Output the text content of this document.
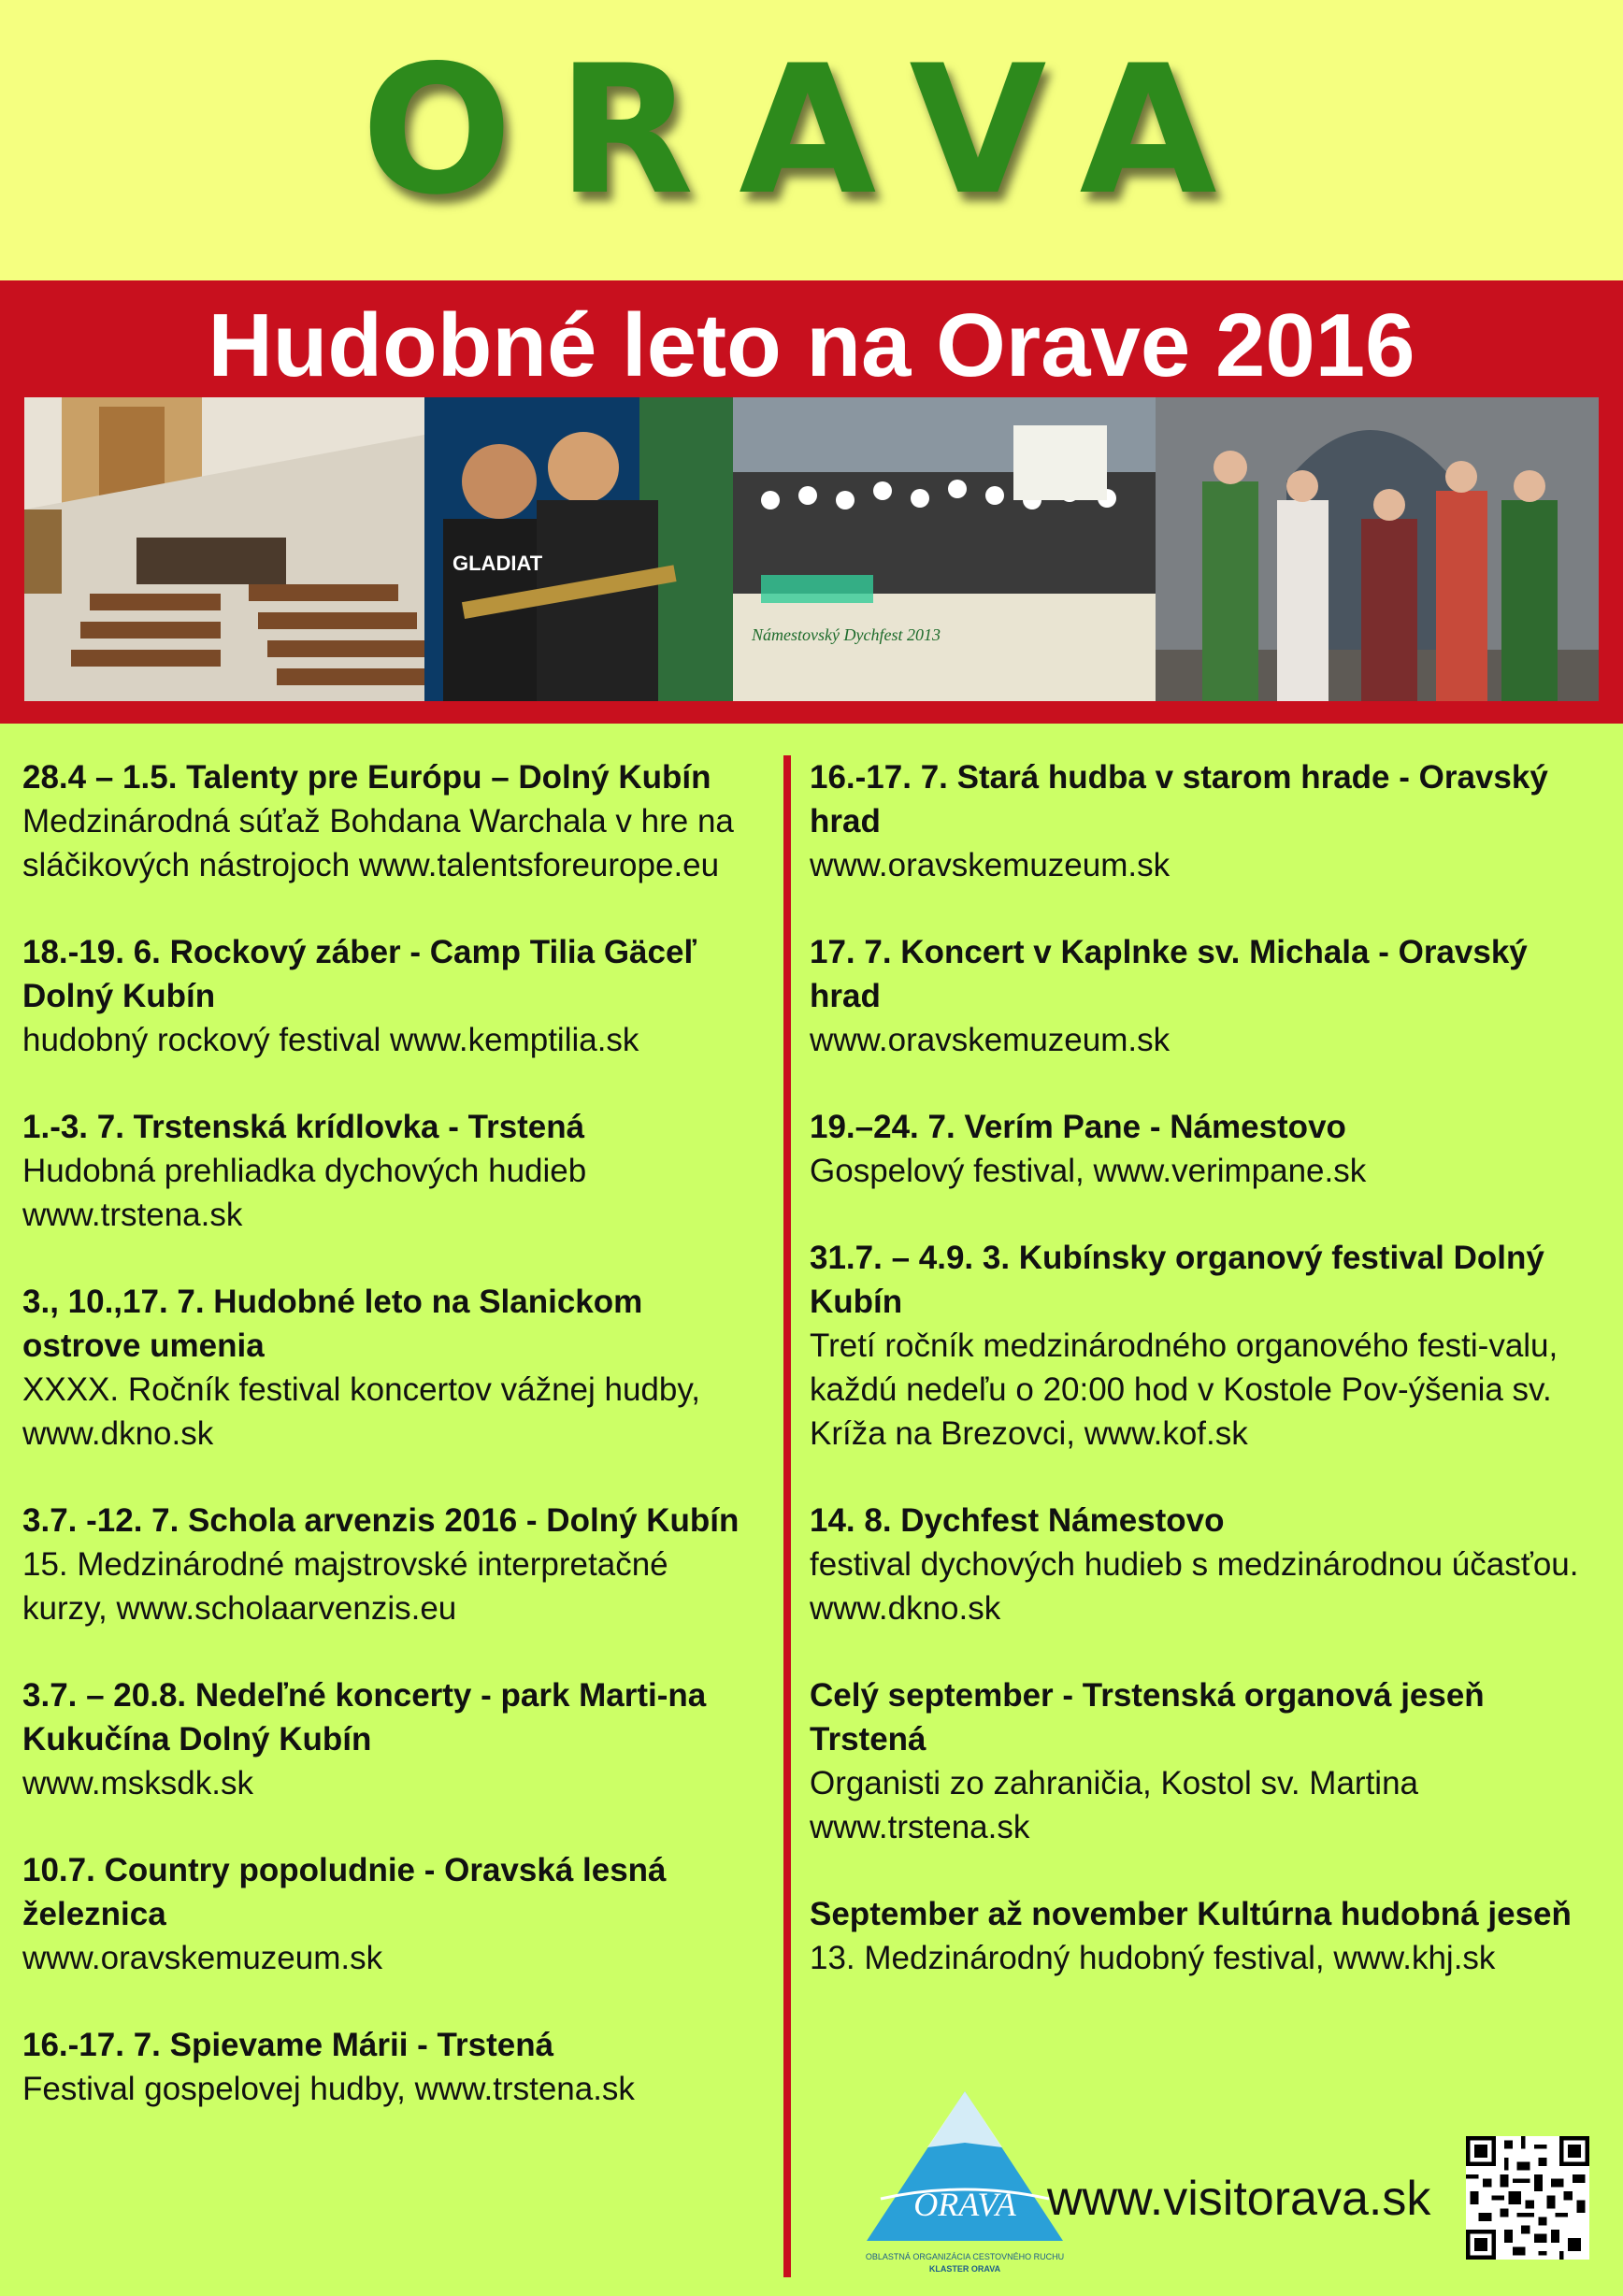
ORAVA
Hudobné leto na Orave 2016
GLADIAT
Námestovský Dychfest 2013
28.4 – 1.5. Talenty pre Európu – Dolný Kubín
Medzinárodná súťaž Bohdana Warchala v hre na sláčikových nástrojoch www.talentsforeurope.eu
18.-19. 6. Rockový záber - Camp Tilia Gäceľ Dolný Kubín
hudobný rockový festival www.kemptilia.sk
1.-3. 7. Trstenská krídlovka - Trstená
Hudobná prehliadka dychových hudieb www.trstena.sk
3., 10.,17. 7. Hudobné leto na Slanickom ostrove umenia
XXXX. Ročník festival koncertov vážnej hudby, www.dkno.sk
3.7. -12. 7. Schola arvenzis 2016 - Dolný Kubín
15. Medzinárodné majstrovské interpretačné kurzy, www.scholaarvenzis.eu
3.7. – 20.8. Nedeľné koncerty - park Marti-na Kukučína Dolný Kubín
www.msksdk.sk
10.7. Country popoludnie - Oravská lesná železnica
www.oravskemuzeum.sk
16.-17. 7. Spievame Márii - Trstená
Festival gospelovej hudby, www.trstena.sk
16.-17. 7. Stará hudba v starom hrade - Oravský hrad
www.oravskemuzeum.sk
17. 7. Koncert v Kaplnke sv. Michala - Oravský hrad
www.oravskemuzeum.sk
19.–24. 7. Verím Pane - Námestovo
Gospelový festival, www.verimpane.sk
31.7. – 4.9. 3. Kubínsky organový festival Dolný Kubín
Tretí ročník medzinárodného organového festi-valu, každú nedeľu o 20:00 hod v Kostole Pov-ýšenia sv. Kríža na Brezovci, www.kof.sk
14. 8. Dychfest Námestovo
festival dychových hudieb s medzinárodnou účasťou. www.dkno.sk
Celý september - Trstenská organová jeseň Trstená
Organisti zo zahraničia, Kostol sv. Martina www.trstena.sk
September až november Kultúrna hudobná jeseň
13. Medzinárodný hudobný festival, www.khj.sk
ORAVA
OBLASTNÁ ORGANIZÁCIA CESTOVNÉHO RUCHU
KLASTER ORAVA
www.visitorava.sk
